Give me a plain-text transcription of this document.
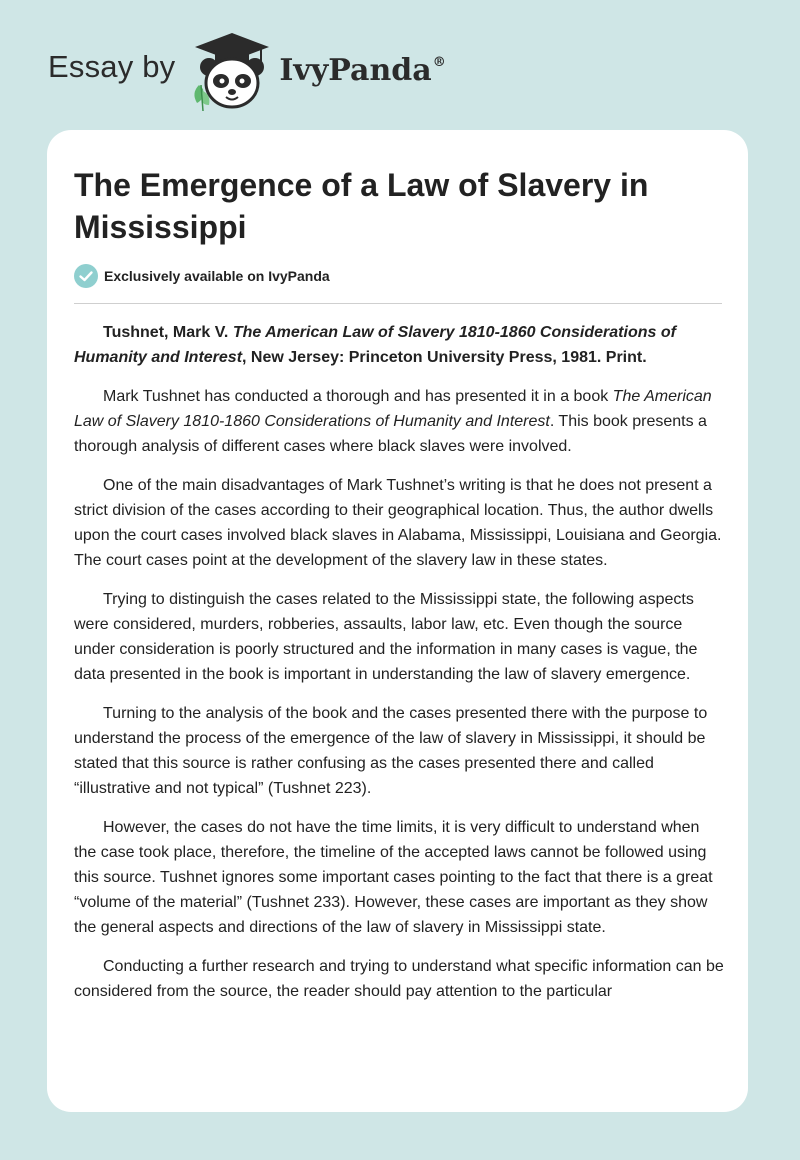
Essay by	IvyPanda®
The Emergence of a Law of Slavery in Mississippi
Exclusively available on IvyPanda

Tushnet, Mark V. The American Law of Slavery 1810-1860 Considerations of Humanity and Interest, New Jersey: Princeton University Press, 1981. Print.

Mark Tushnet has conducted a thorough and has presented it in a book The American Law of Slavery 1810-1860 Considerations of Humanity and Interest. This book presents a thorough analysis of different cases where black slaves were involved.

One of the main disadvantages of Mark Tushnet’s writing is that he does not present a strict division of the cases according to their geographical location. Thus, the author dwells upon the court cases involved black slaves in Alabama, Mississippi, Louisiana and Georgia. The court cases point at the development of the slavery law in these states.

Trying to distinguish the cases related to the Mississippi state, the following aspects were considered, murders, robberies, assaults, labor law, etc. Even though the source under consideration is poorly structured and the information in many cases is vague, the data presented in the book is important in understanding the law of slavery emergence.

Turning to the analysis of the book and the cases presented there with the purpose to understand the process of the emergence of the law of slavery in Mississippi, it should be stated that this source is rather confusing as the cases presented there and called “illustrative and not typical” (Tushnet 223).

However, the cases do not have the time limits, it is very difficult to understand when the case took place, therefore, the timeline of the accepted laws cannot be followed using this source. Tushnet ignores some important cases pointing to the fact that there is a great “volume of the material” (Tushnet 233). However, these cases are important as they show the general aspects and directions of the law of slavery in Mississippi state.

Conducting a further research and trying to understand what specific information can be considered from the source, the reader should pay attention to the particular
